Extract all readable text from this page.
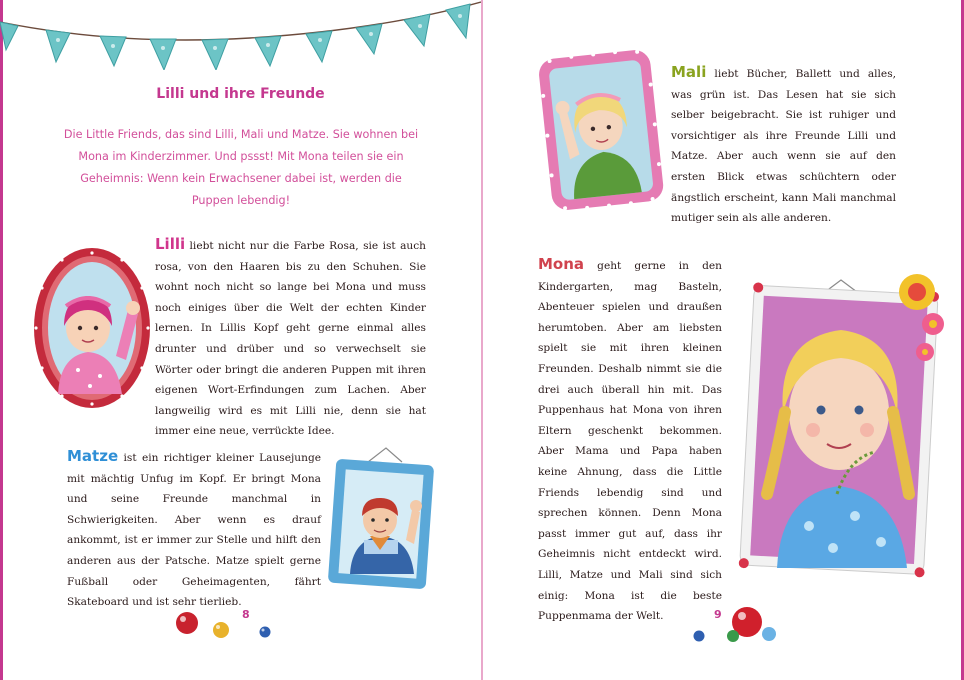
Lilli und ihre Freunde
Die Little Friends, das sind Lilli, Mali und Matze. Sie wohnen bei Mona im Kinderzimmer. Und pssst! Mit Mona teilen sie ein Geheimnis: Wenn kein Erwachsener dabei ist, werden die Puppen lebendig!

Lilli liebt nicht nur die Farbe Rosa, sie ist auch rosa, von den Haaren bis zu den Schuhen. Sie wohnt noch nicht so lange bei Mona und muss noch einiges über die Welt der echten Kinder lernen. In Lillis Kopf geht gerne einmal alles drunter und drüber und so verwechselt sie Wörter oder bringt die anderen Puppen mit ihren eigenen Wort-Erfindungen zum Lachen. Aber langweilig wird es mit Lilli nie, denn sie hat immer eine neue, verrückte Idee.

Matze ist ein richtiger kleiner Lausejunge mit mächtig Unfug im Kopf. Er bringt Mona und seine Freunde manchmal in Schwierigkeiten. Aber wenn es drauf ankommt, ist er immer zur Stelle und hilft den anderen aus der Patsche. Matze spielt gerne Fußball oder Geheimagenten, fährt Skateboard und ist sehr tierlieb.

8

Mali liebt Bücher, Ballett und alles, was grün ist. Das Lesen hat sie sich selber beigebracht. Sie ist ruhiger und vorsichtiger als ihre Freunde Lilli und Matze. Aber auch wenn sie auf den ersten Blick etwas schüchtern oder ängstlich erscheint, kann Mali manchmal mutiger sein als alle anderen.

Mona geht gerne in den Kindergarten, mag Basteln, Abenteuer spielen und draußen herumtoben. Aber am liebsten spielt sie mit ihren kleinen Freunden. Deshalb nimmt sie die drei auch überall hin mit. Das Puppenhaus hat Mona von ihren Eltern geschenkt bekommen. Aber Mama und Papa haben keine Ahnung, dass die Little Friends lebendig sind und sprechen können. Denn Mona passt immer gut auf, dass ihr Geheimnis nicht entdeckt wird. Lilli, Matze und Mali sind sich einig: Mona ist die beste Puppenmama der Welt.	9
